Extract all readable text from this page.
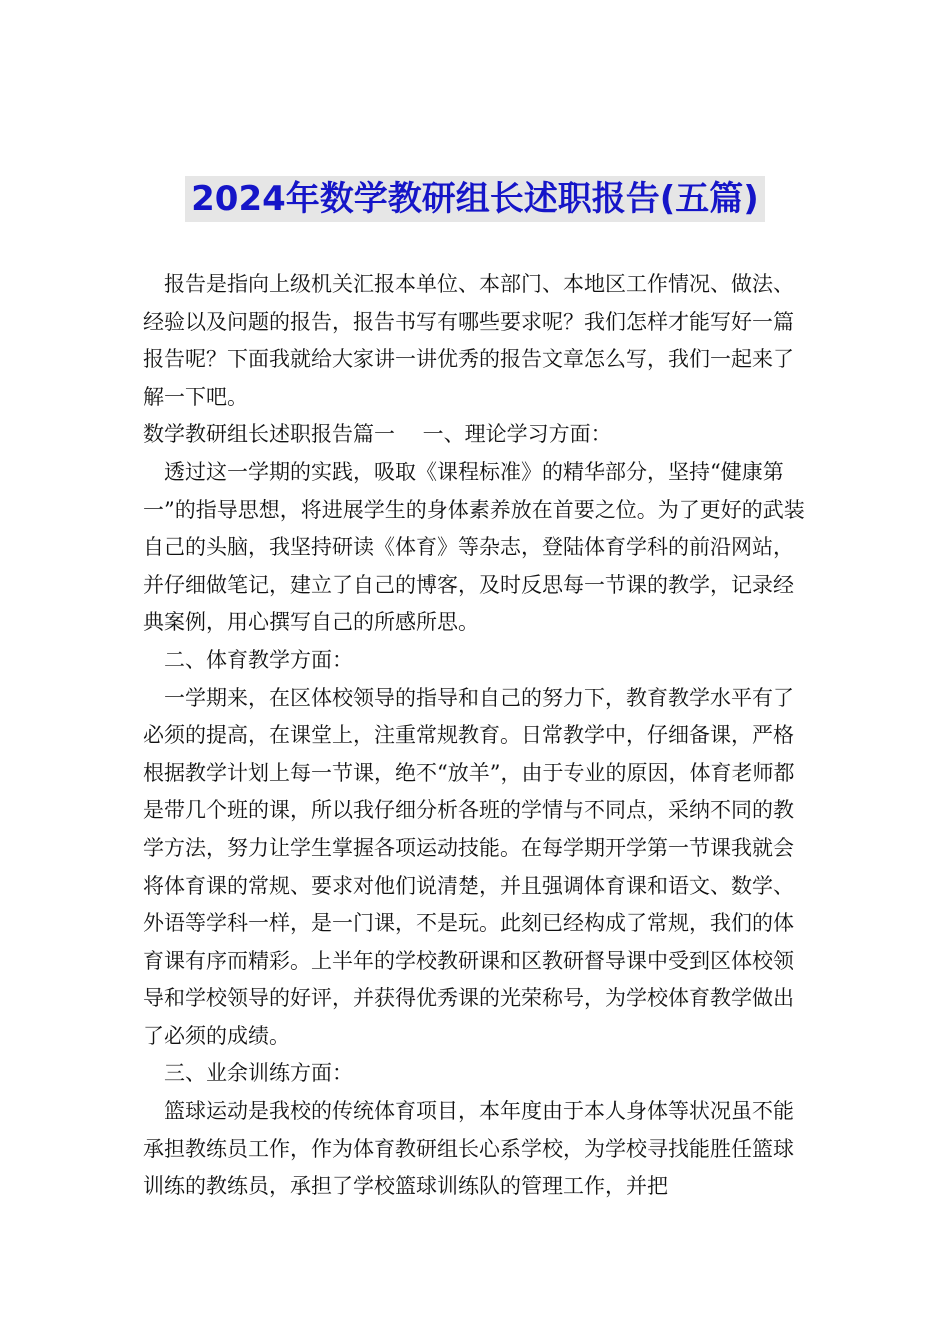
2024年数学教研组长述职报告(五篇)

报告是指向上级机关汇报本单位、本部门、本地区工作情况、做法、经验以及问题的报告，报告书写有哪些要求呢？我们怎样才能写好一篇报告呢？下面我就给大家讲一讲优秀的报告文章怎么写，我们一起来了解一下吧。

数学教研组长述职报告篇一　 一、理论学习方面：

透过这一学期的实践，吸取《课程标准》的精华部分，坚持“健康第一”的指导思想，将进展学生的身体素养放在首要之位。为了更好的武装自己的头脑，我坚持研读《体育》等杂志，登陆体育学科的前沿网站，并仔细做笔记，建立了自己的博客，及时反思每一节课的教学，记录经典案例，用心撰写自己的所感所思。

二、体育教学方面：

一学期来，在区体校领导的指导和自己的努力下，教育教学水平有了必须的提高，在课堂上，注重常规教育。日常教学中，仔细备课，严格根据教学计划上每一节课，绝不“放羊”，由于专业的原因，体育老师都是带几个班的课，所以我仔细分析各班的学情与不同点，采纳不同的教学方法，努力让学生掌握各项运动技能。在每学期开学第一节课我就会将体育课的常规、要求对他们说清楚，并且强调体育课和语文、数学、外语等学科一样，是一门课，不是玩。此刻已经构成了常规，我们的体育课有序而精彩。上半年的学校教研课和区教研督导课中受到区体校领导和学校领导的好评，并获得优秀课的光荣称号，为学校体育教学做出了必须的成绩。

三、业余训练方面：

篮球运动是我校的传统体育项目，本年度由于本人身体等状况虽不能承担教练员工作，作为体育教研组长心系学校，为学校寻找能胜任篮球训练的教练员，承担了学校篮球训练队的管理工作，并把
